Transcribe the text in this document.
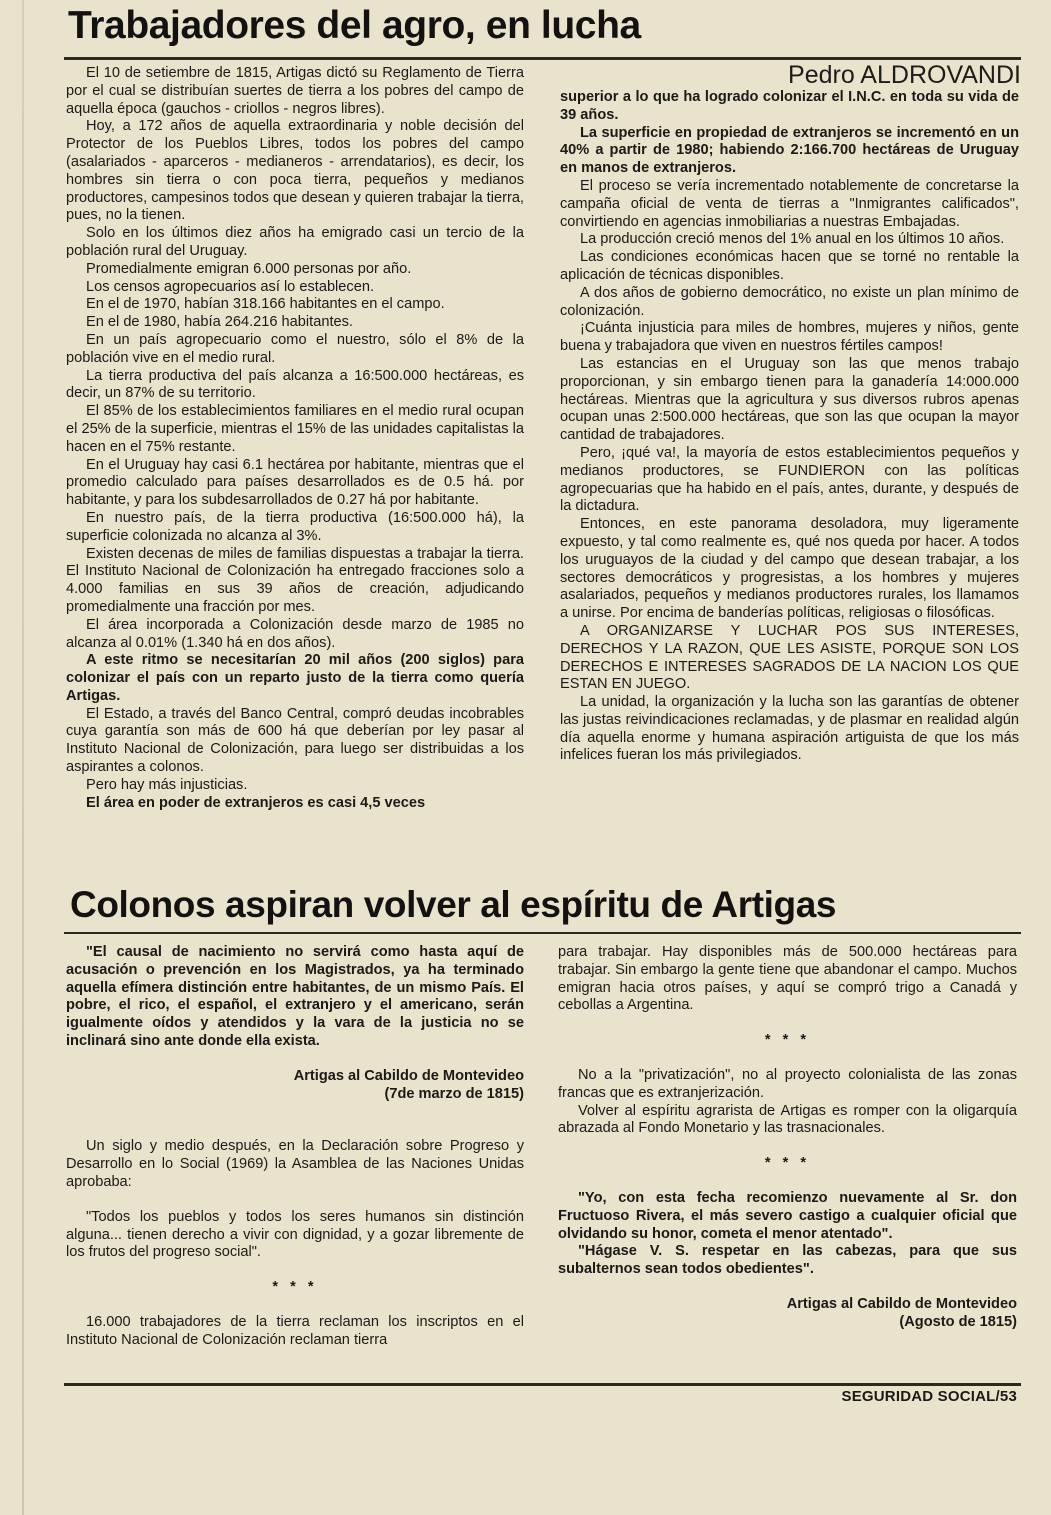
Trabajadores del agro, en lucha
Pedro ALDROVANDI

El 10 de setiembre de 1815, Artigas dictó su Reglamento de Tierra por el cual se distribuían suertes de tierra a los pobres del campo de aquella época (gauchos - criollos - negros libres).

Hoy, a 172 años de aquella extraordinaria y noble decisión del Protector de los Pueblos Libres, todos los pobres del campo (asalariados - aparceros - medianeros - arrendatarios), es decir, los hombres sin tierra o con poca tierra, pequeños y medianos productores, campesinos todos que desean y quieren trabajar la tierra, pues, no la tienen.

Solo en los últimos diez años ha emigrado casi un tercio de la población rural del Uruguay.

Promedialmente emigran 6.000 personas por año.

Los censos agropecuarios así lo establecen.

En el de 1970, habían 318.166 habitantes en el campo.

En el de 1980, había 264.216 habitantes.

En un país agropecuario como el nuestro, sólo el 8% de la población vive en el medio rural.

La tierra productiva del país alcanza a 16:500.000 hectáreas, es decir, un 87% de su territorio.

El 85% de los establecimientos familiares en el medio rural ocupan el 25% de la superficie, mientras el 15% de las unidades capitalistas la hacen en el 75% restante.

En el Uruguay hay casi 6.1 hectárea por habitante, mientras que el promedio calculado para países desarrollados es de 0.5 há. por habitante, y para los subdesarrollados de 0.27 há por habitante.

En nuestro país, de la tierra productiva (16:500.000 há), la superficie colonizada no alcanza al 3%.

Existen decenas de miles de familias dispuestas a trabajar la tierra. El Instituto Nacional de Colonización ha entregado fracciones solo a 4.000 familias en sus 39 años de creación, adjudicando promedialmente una fracción por mes.

El área incorporada a Colonización desde marzo de 1985 no alcanza al 0.01% (1.340 há en dos años).

A este ritmo se necesitarían 20 mil años (200 siglos) para colonizar el país con un reparto justo de la tierra como quería Artigas.

El Estado, a través del Banco Central, compró deudas incobrables cuya garantía son más de 600 há que deberían por ley pasar al Instituto Nacional de Colonización, para luego ser distribuidas a los aspirantes a colonos.

Pero hay más injusticias.

El área en poder de extranjeros es casi 4,5 veces

superior a lo que ha logrado colonizar el I.N.C. en toda su vida de 39 años.

La superficie en propiedad de extranjeros se incrementó en un 40% a partir de 1980; habiendo 2:166.700 hectáreas de Uruguay en manos de extranjeros.

El proceso se vería incrementado notablemente de concretarse la campaña oficial de venta de tierras a "Inmigrantes calificados", convirtiendo en agencias inmobiliarias a nuestras Embajadas.

La producción creció menos del 1% anual en los últimos 10 años.

Las condiciones económicas hacen que se torné no rentable la aplicación de técnicas disponibles.

A dos años de gobierno democrático, no existe un plan mínimo de colonización.

¡Cuánta injusticia para miles de hombres, mujeres y niños, gente buena y trabajadora que viven en nuestros fértiles campos!

Las estancias en el Uruguay son las que menos trabajo proporcionan, y sin embargo tienen para la ganadería 14:000.000 hectáreas. Mientras que la agricultura y sus diversos rubros apenas ocupan unas 2:500.000 hectáreas, que son las que ocupan la mayor cantidad de trabajadores.

Pero, ¡qué va!, la mayoría de estos establecimientos pequeños y medianos productores, se FUNDIERON con las políticas agropecuarias que ha habido en el país, antes, durante, y después de la dictadura.

Entonces, en este panorama desoladora, muy ligeramente expuesto, y tal como realmente es, qué nos queda por hacer. A todos los uruguayos de la ciudad y del campo que desean trabajar, a los sectores democráticos y progresistas, a los hombres y mujeres asalariados, pequeños y medianos productores rurales, los llamamos a unirse. Por encima de banderías políticas, religiosas o filosóficas.

A ORGANIZARSE Y LUCHAR POS SUS INTERESES, DERECHOS Y LA RAZON, QUE LES ASISTE, PORQUE SON LOS DERECHOS E INTERESES SAGRADOS DE LA NACION LOS QUE ESTAN EN JUEGO.

La unidad, la organización y la lucha son las garantías de obtener las justas reivindicaciones reclamadas, y de plasmar en realidad algún día aquella enorme y humana aspiración artiguista de que los más infelices fueran los más privilegiados.

Colonos aspiran volver al espíritu de Artigas

"El causal de nacimiento no servirá como hasta aquí de acusación o prevención en los Magistrados, ya ha terminado aquella efímera distinción entre habitantes, de un mismo País. El pobre, el rico, el español, el extranjero y el americano, serán igualmente oídos y atendidos y la vara de la justicia no se inclinará sino ante donde ella exista.

Artigas al Cabildo de Montevideo

(7de marzo de 1815)

Un siglo y medio después, en la Declaración sobre Progreso y Desarrollo en lo Social (1969) la Asamblea de las Naciones Unidas aprobaba:

"Todos los pueblos y todos los seres humanos sin distinción alguna... tienen derecho a vivir con dignidad, y a gozar libremente de los frutos del progreso social".

* * *

16.000 trabajadores de la tierra reclaman los inscriptos en el Instituto Nacional de Colonización reclaman tierra

para trabajar. Hay disponibles más de 500.000 hectáreas para trabajar. Sin embargo la gente tiene que abandonar el campo. Muchos emigran hacia otros países, y aquí se compró trigo a Canadá y cebollas a Argentina.

* * *

No a la "privatización", no al proyecto colonialista de las zonas francas que es extranjerización.

Volver al espíritu agrarista de Artigas es romper con la oligarquía abrazada al Fondo Monetario y las trasnacionales.

* * *

"Yo, con esta fecha recomienzo nuevamente al Sr. don Fructuoso Rivera, el más severo castigo a cualquier oficial que olvidando su honor, cometa el menor atentado".

"Hágase V. S. respetar en las cabezas, para que sus subalternos sean todos obedientes".

Artigas al Cabildo de Montevideo

(Agosto de 1815)

SEGURIDAD SOCIAL/53
